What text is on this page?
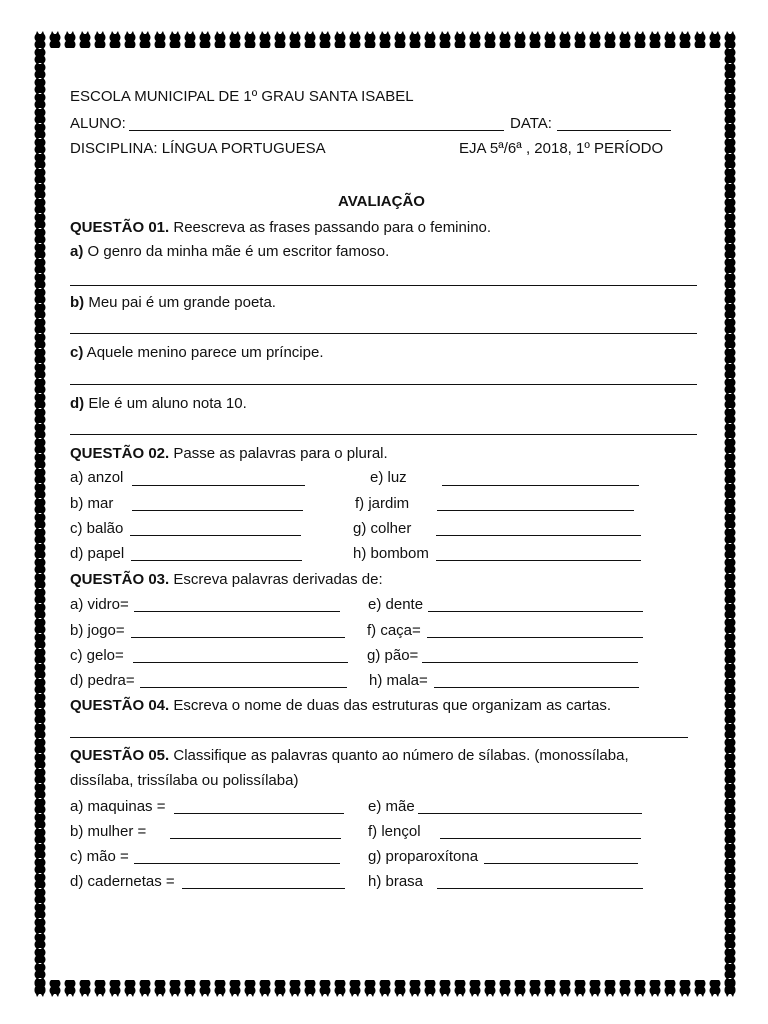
ESCOLA MUNICIPAL DE 1º GRAU SANTA ISABEL
ALUNO:	DATA:
DISCIPLINA: LÍNGUA PORTUGUESA	EJA 5ª/6ª , 2018, 1º PERÍODO
AVALIAÇÃO
QUESTÃO 01. Reescreva as frases passando para o feminino.
a) O genro da minha mãe é um escritor famoso.
b) Meu pai é um grande poeta.
c) Aquele menino parece um príncipe.
d) Ele é um aluno nota 10.
QUESTÃO 02. Passe as palavras para o plural.
a) anzol	e) luz
b) mar	f) jardim
c) balão	g) colher
d) papel	h) bombom
QUESTÃO 03. Escreva palavras derivadas de:
a) vidro=	e) dente
b) jogo=	f) caça=
c) gelo=	g) pão=
d) pedra=	h) mala=
QUESTÃO 04. Escreva o nome de duas das estruturas que organizam as cartas.
QUESTÃO 05. Classifique as palavras quanto ao número de sílabas. (monossílaba,
dissílaba, trissílaba ou polissílaba)
a) maquinas =	e) mãe
b) mulher =	f) lençol
c) mão =	g) proparoxítona
d) cadernetas =	h) brasa
